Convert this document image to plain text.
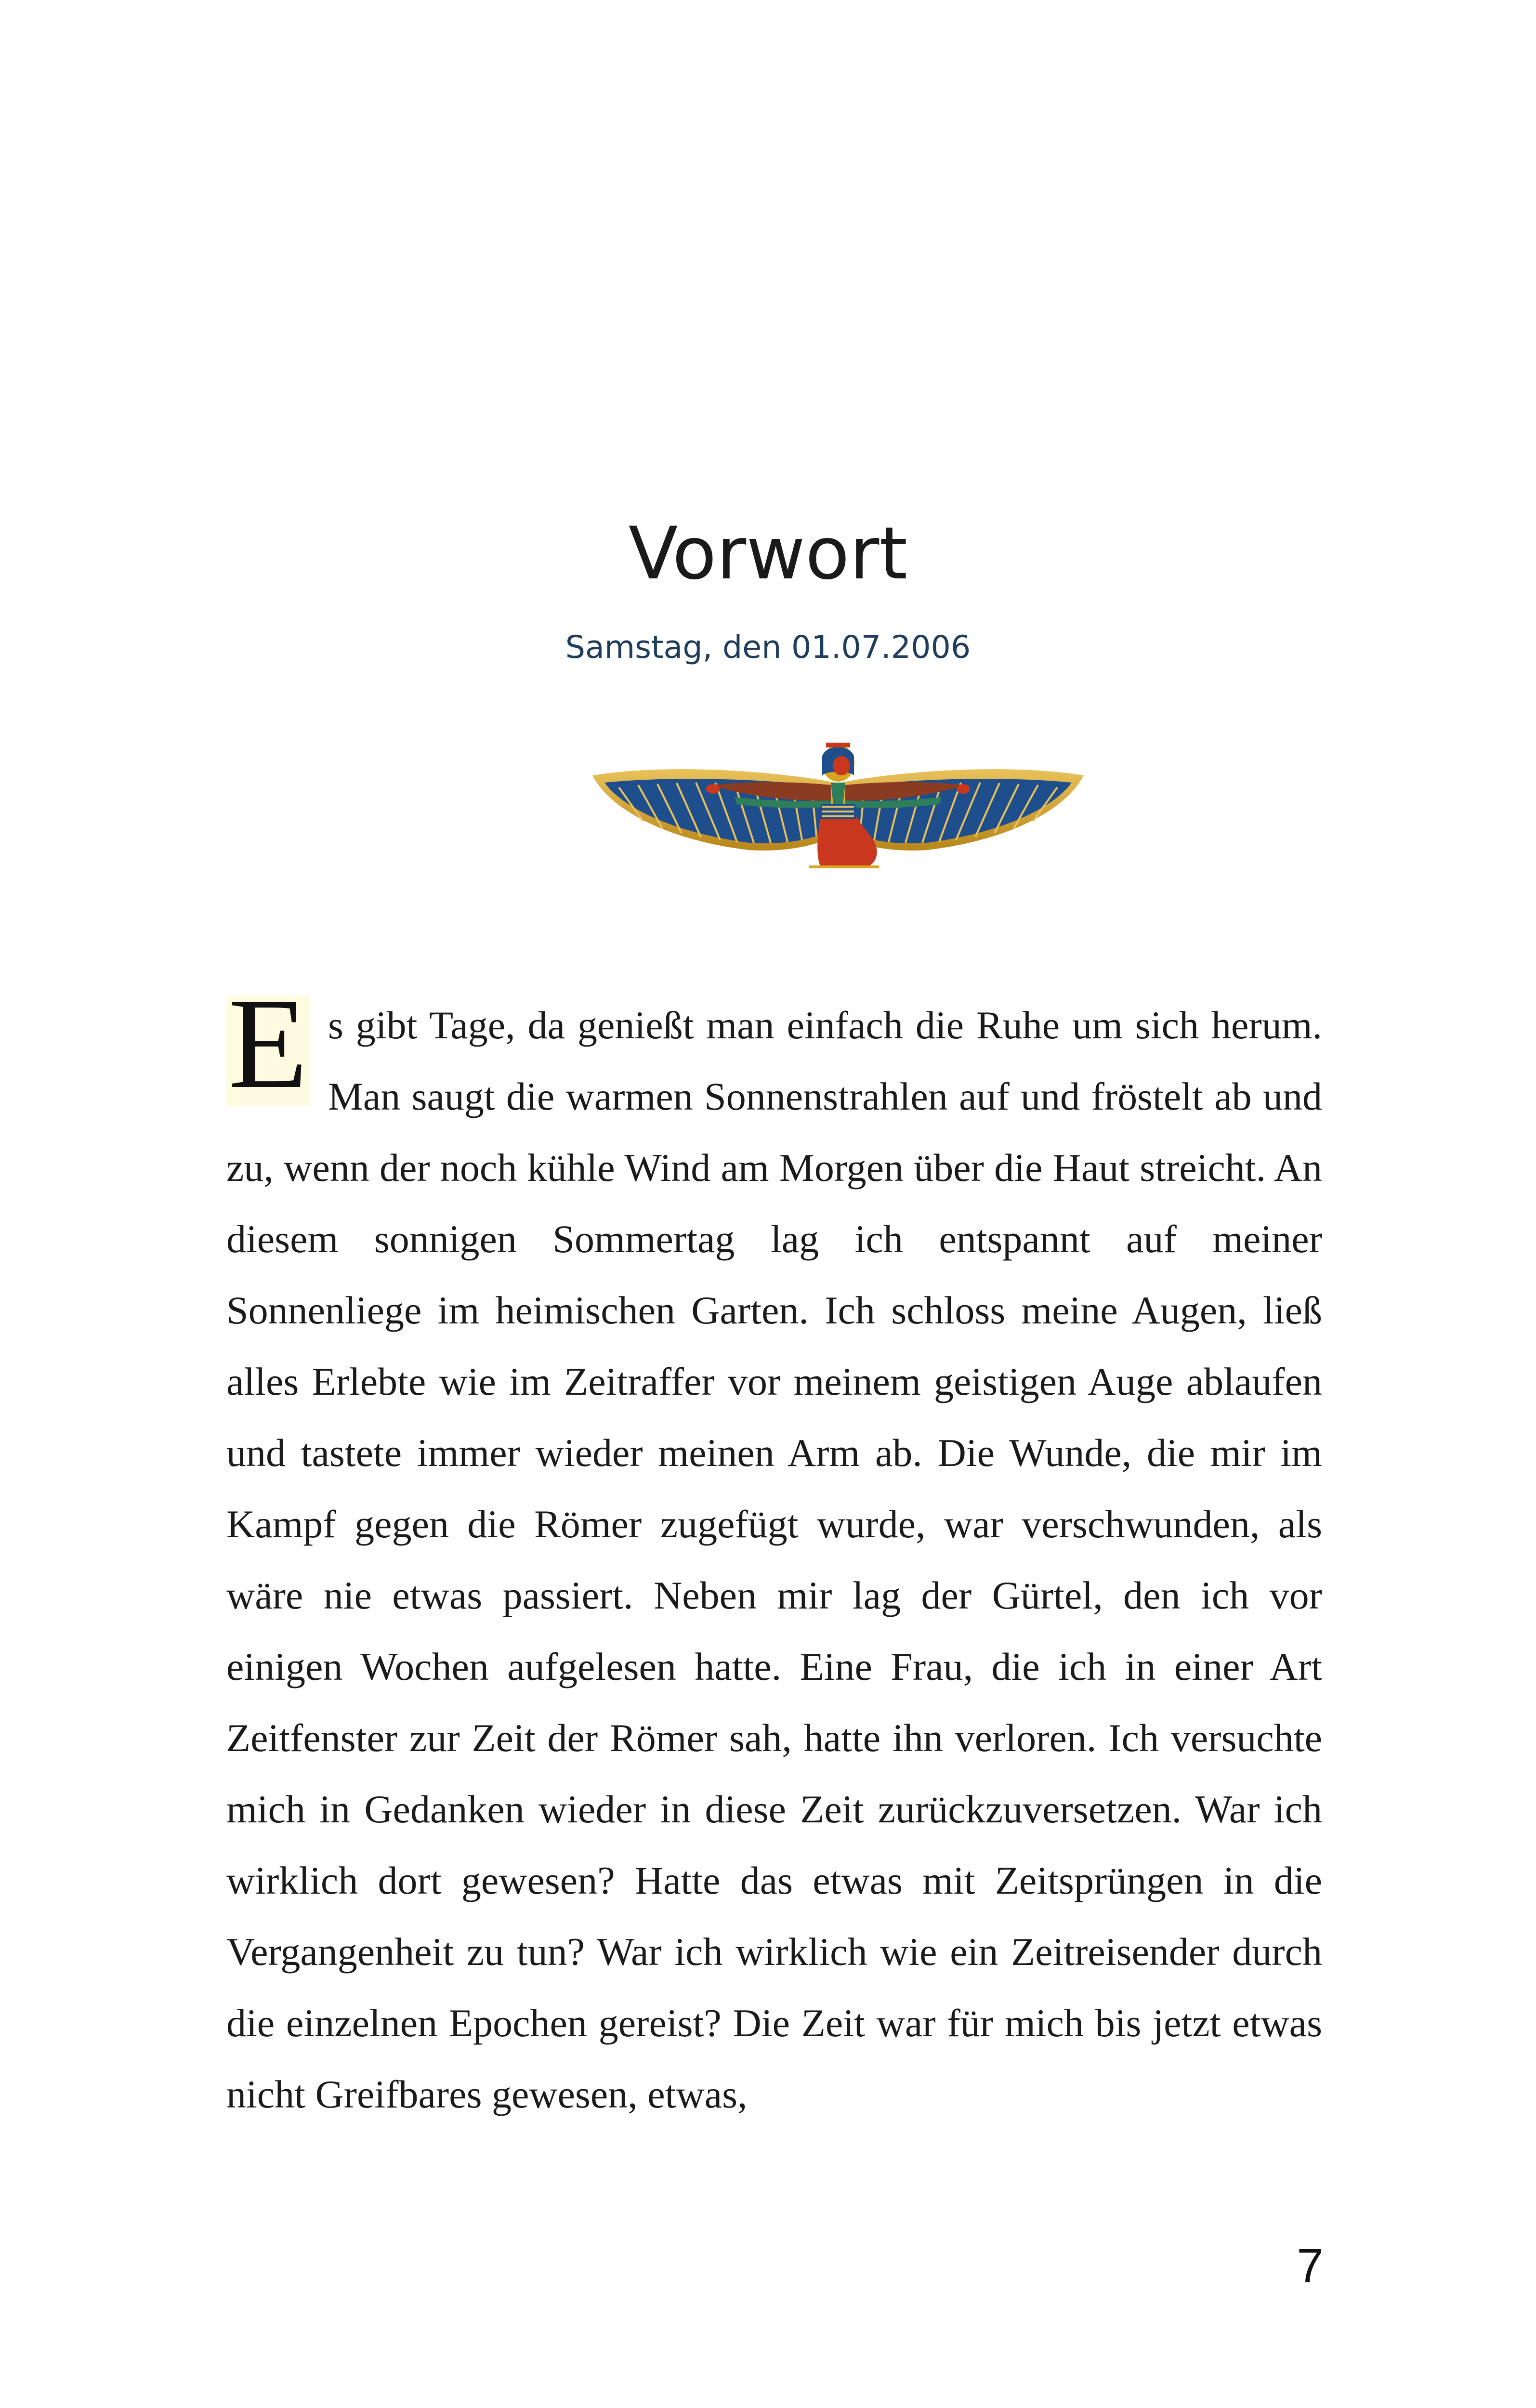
Vorwort
Samstag, den 01.07.2006

E s gibt Tage, da genießt man einfach die Ruhe um sich herum. Man saugt die warmen Sonnenstrahlen auf und fröstelt ab und zu, wenn der noch kühle Wind am Morgen über die Haut streicht. An diesem sonnigen Sommertag lag ich entspannt auf meiner Sonnenliege im heimischen Garten. Ich schloss meine Augen, ließ alles Erlebte wie im Zeitraffer vor meinem geistigen Auge ablaufen und tastete immer wieder meinen Arm ab. Die Wunde, die mir im Kampf gegen die Römer zugefügt wurde, war verschwunden, als wäre nie etwas passiert. Neben mir lag der Gürtel, den ich vor einigen Wochen aufgelesen hatte. Eine Frau, die ich in einer Art Zeitfenster zur Zeit der Römer sah, hatte ihn verloren. Ich versuchte mich in Gedanken wieder in diese Zeit zurückzuversetzen. War ich wirklich dort gewesen? Hatte das etwas mit Zeitsprüngen in die Vergangenheit zu tun? War ich wirklich wie ein Zeitreisender durch die einzelnen Epochen gereist? Die Zeit war für mich bis jetzt etwas nicht Greifbares gewesen, etwas,

7
